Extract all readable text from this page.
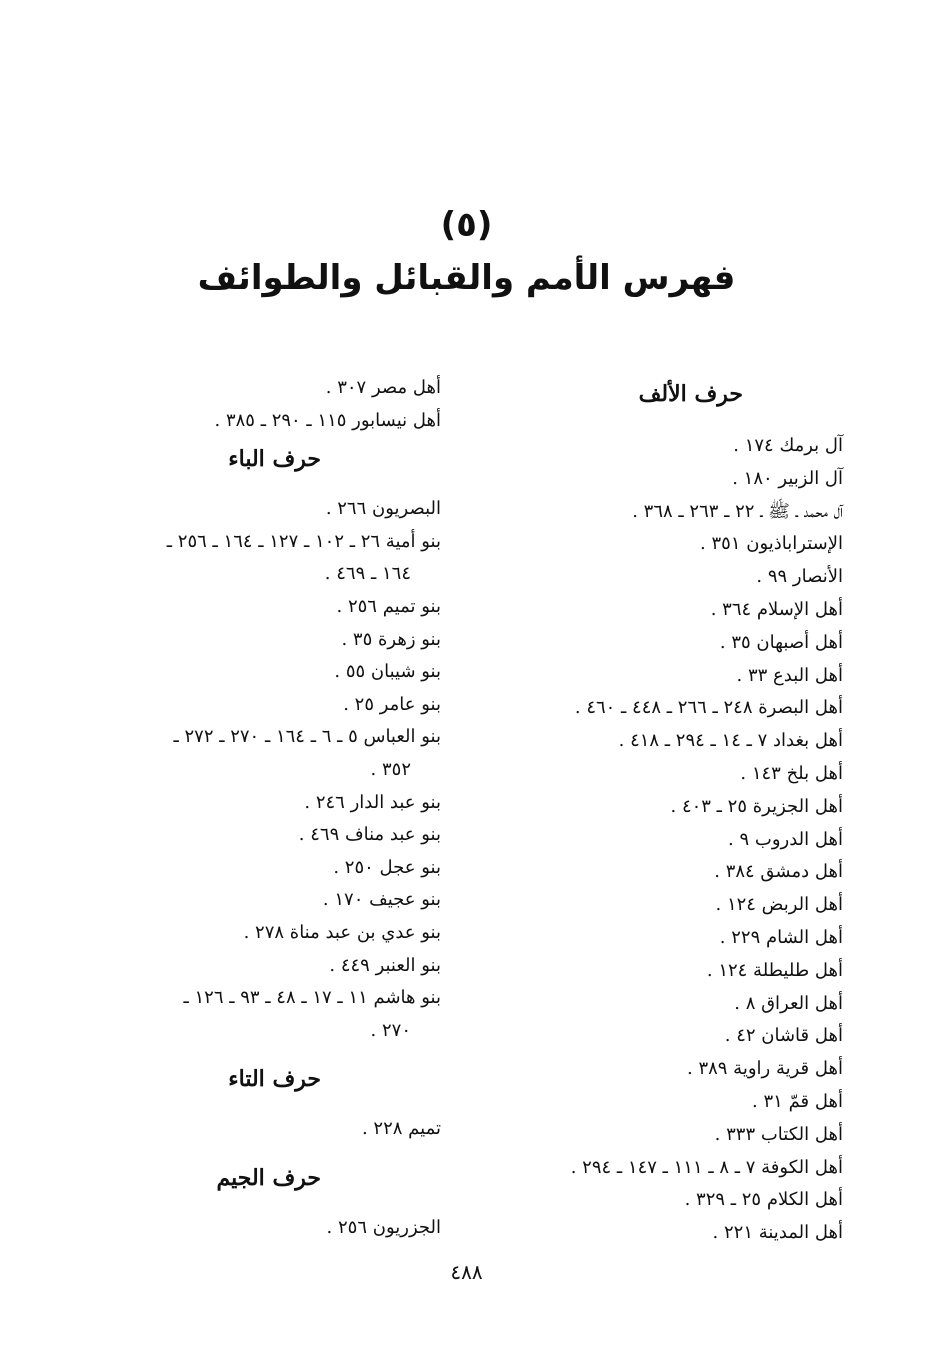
(٥)
فهرس الأمم والقبائل والطوائف
حرف الألف
آل برمك ١٧٤ .
آل الزبير ١٨٠ .
آل محمد ـ ﷺ ـ ٢٢ ـ ٢٦٣ ـ ٣٦٨ .
الإستراباذيون ٣٥١ .
الأنصار ٩٩ .
أهل الإسلام ٣٦٤ .
أهل أصبهان ٣٥ .
أهل البدع ٣٣ .
أهل البصرة ٢٤٨ ـ ٢٦٦ ـ ٤٤٨ ـ ٤٦٠ .
أهل بغداد ٧ ـ ١٤ ـ ٢٩٤ ـ ٤١٨ .
أهل بلخ ١٤٣ .
أهل الجزيرة ٢٥ ـ ٤٠٣ .
أهل الدروب ٩ .
أهل دمشق ٣٨٤ .
أهل الربض ١٢٤ .
أهل الشام ٢٢٩ .
أهل طليطلة ١٢٤ .
أهل العراق ٨ .
أهل قاشان ٤٢ .
أهل قرية راوية ٣٨٩ .
أهل قمّ ٣١ .
أهل الكتاب ٣٣٣ .
أهل الكوفة ٧ ـ ٨ ـ ١١١ ـ ١٤٧ ـ ٢٩٤ .
أهل الكلام ٢٥ ـ ٣٢٩ .
أهل المدينة ٢٢١ .
أهل مصر ٣٠٧ .
أهل نيسابور ١١٥ ـ ٢٩٠ ـ ٣٨٥ .
حرف الباء
البصريون ٢٦٦ .
بنو أمية ٢٦ ـ ١٠٢ ـ ١٢٧ ـ ١٦٤ ـ ٢٥٦ ـ
١٦٤ ـ ٤٦٩ .
بنو تميم ٢٥٦ .
بنو زهرة ٣٥ .
بنو شيبان ٥٥ .
بنو عامر ٢٥ .
بنو العباس ٥ ـ ٦ ـ ١٦٤ ـ ٢٧٠ ـ ٢٧٢ ـ
٣٥٢ .
بنو عبد الدار ٢٤٦ .
بنو عبد مناف ٤٦٩ .
بنو عجل ٢٥٠ .
بنو عجيف ١٧٠ .
بنو عدي بن عبد مناة ٢٧٨ .
بنو العنبر ٤٤٩ .
بنو هاشم ١١ ـ ١٧ ـ ٤٨ ـ ٩٣ ـ ١٢٦ ـ
٢٧٠ .
حرف التاء
تميم ٢٢٨ .
حرف الجيم
الجزريون ٢٥٦ .
٤٨٨
